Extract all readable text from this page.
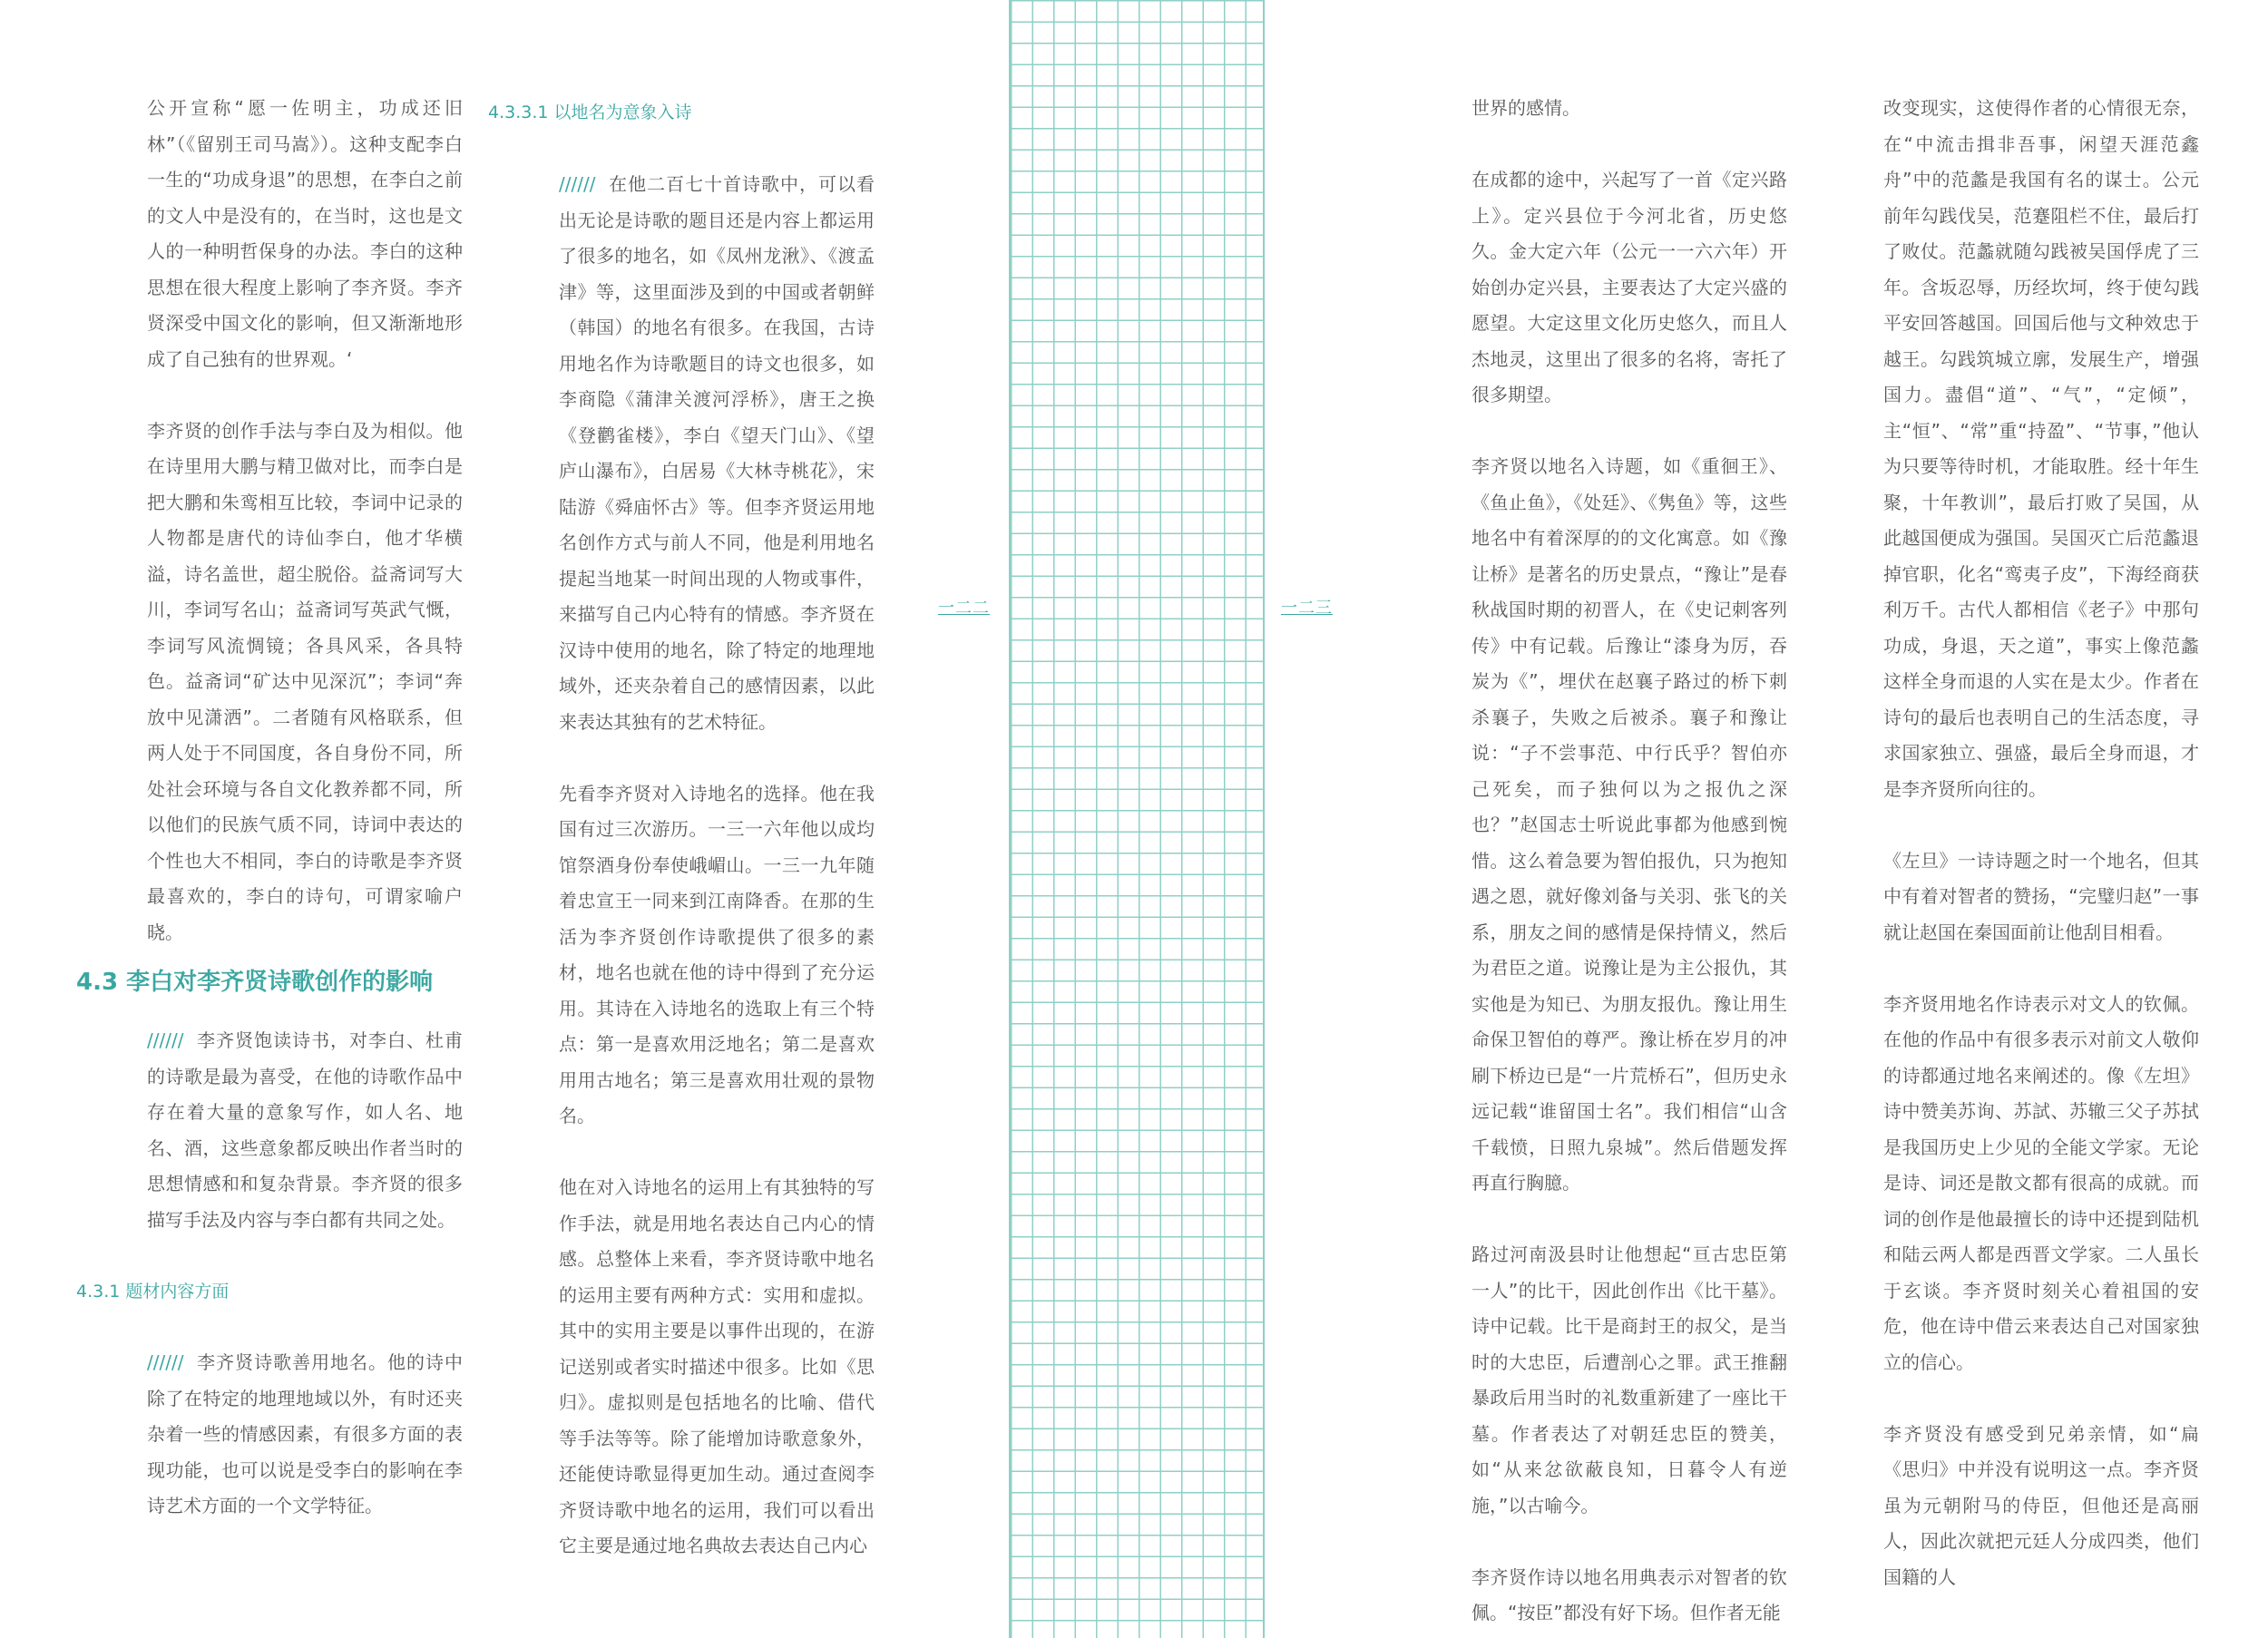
公开宣称“愿一佐明主，功成还旧林”（《留别王司马嵩》）。这种支配李白一生的“功成身退”的思想，在李白之前的文人中是没有的，在当时，这也是文人的一种明哲保身的办法。李白的这种思想在很大程度上影响了李齐贤。李齐贤深受中国文化的影响，但又渐渐地形成了自己独有的世界观。‘

李齐贤的创作手法与李白及为相似。他在诗里用大鹏与精卫做对比，而李白是把大鹏和朱鸾相互比较，李词中记录的人物都是唐代的诗仙李白，他才华横溢，诗名盖世，超尘脱俗。益斋词写大川，李词写名山；益斋词写英武气慨，李词写风流惆镜；各具风采，各具特色。益斋词“矿达中见深沉”；李词“奔放中见潇洒”。二者随有风格联系，但两人处于不同国度，各自身份不同，所处社会环境与各自文化教养都不同，所以他们的民族气质不同，诗词中表达的个性也大不相同，李白的诗歌是李齐贤最喜欢的，李白的诗句，可谓家喻户晓。

4.3 李白对李齐贤诗歌创作的影响

//////  李齐贤饱读诗书，对李白、杜甫的诗歌是最为喜受，在他的诗歌作品中存在着大量的意象写作，如人名、地名、酒，这些意象都反映出作者当时的思想情感和和复杂背景。李齐贤的很多描写手法及内容与李白都有共同之处。

4.3.1 题材内容方面

//////  李齐贤诗歌善用地名。他的诗中除了在特定的地理地域以外，有时还夹杂着一些的情感因素，有很多方面的表现功能，也可以说是受李白的影响在李诗艺术方面的一个文学特征。

4.3.3.1 以地名为意象入诗

//////  在他二百七十首诗歌中，可以看出无论是诗歌的题目还是内容上都运用了很多的地名，如《凤州龙湫》、《渡孟津》等，这里面涉及到的中国或者朝鲜（韩国）的地名有很多。在我国，古诗用地名作为诗歌题目的诗文也很多，如李商隐《蒲津关渡河浮桥》，唐王之换《登鹳雀楼》，李白《望天门山》、《望庐山瀑布》，白居易《大林寺桃花》，宋陆游《舜庙怀古》等。但李齐贤运用地名创作方式与前人不同，他是利用地名提起当地某一时间出现的人物或事件，来描写自己内心特有的情感。李齐贤在汉诗中使用的地名，除了特定的地理地域外，还夹杂着自己的感情因素，以此来表达其独有的艺术特征。

先看李齐贤对入诗地名的选择。他在我国有过三次游历。一三一六年他以成均馆祭酒身份奉使峨嵋山。一三一九年随着忠宣王一同来到江南降香。在那的生活为李齐贤创作诗歌提供了很多的素材，地名也就在他的诗中得到了充分运用。其诗在入诗地名的选取上有三个特点：第一是喜欢用泛地名；第二是喜欢用用古地名；第三是喜欢用壮观的景物名。

他在对入诗地名的运用上有其独特的写作手法，就是用地名表达自己内心的情感。总整体上来看，李齐贤诗歌中地名的运用主要有两种方式：实用和虚拟。其中的实用主要是以事件出现的，在游记送别或者实时描述中很多。比如《思归》。虚拟则是包括地名的比喻、借代等手法等等。除了能增加诗歌意象外，还能使诗歌显得更加生动。通过查阅李齐贤诗歌中地名的运用，我们可以看出它主要是通过地名典故去表达自己内心

一二二	一二三

世界的感情。

在成都的途中，兴起写了一首《定兴路上》。定兴县位于今河北省，历史悠久。金大定六年（公元一一六六年）开始创办定兴县，主要表达了大定兴盛的愿望。大定这里文化历史悠久，而且人杰地灵，这里出了很多的名将，寄托了很多期望。

李齐贤以地名入诗题，如《重徊王》、《鱼止鱼》，《处廷》、《隽鱼》等，这些地名中有着深厚的的文化寓意。如《豫让桥》是著名的历史景点，“豫让”是春秋战国时期的初晋人，在《史记刺客列传》中有记载。后豫让“漆身为厉，吞炭为《”，埋伏在赵襄子路过的桥下刺杀襄子，失败之后被杀。襄子和豫让说：“子不尝事范、中行氏乎？智伯亦己死矣，而子独何以为之报仇之深也？”赵国志士听说此事都为他感到惋惜。这么着急要为智伯报仇，只为抱知遇之恩，就好像刘备与关羽、张飞的关系，朋友之间的感情是保持情义，然后为君臣之道。说豫让是为主公报仇，其实他是为知已、为朋友报仇。豫让用生命保卫智伯的尊严。豫让桥在岁月的冲刷下桥边已是“一片荒桥石”，但历史永远记载“谁留国士名”。我们相信“山含千载愤，日照九泉城”。然后借题发挥再直行胸臆。

路过河南汲县时让他想起“亘古忠臣第一人”的比干，因此创作出《比干墓》。诗中记载。比干是商封王的叔父，是当时的大忠臣，后遭剖心之罪。武王推翻暴政后用当时的礼数重新建了一座比干墓。作者表达了对朝廷忠臣的赞美，如“从来忿欲蔽良知，日暮令人有逆施，”以古喻今。

李齐贤作诗以地名用典表示对智者的钦佩。“按臣”都没有好下场。但作者无能

改变现实，这使得作者的心情很无奈，在“中流击揖非吾事，闲望天涯范鑫舟”中的范蠡是我国有名的谋士。公元前年勾践伐吴，范蹇阻栏不住，最后打了败仗。范蠡就随勾践被吴国俘虎了三年。含坂忍辱，历经坎坷，终于使勾践平安回答越国。回国后他与文种效忠于越王。勾践筑城立廓，发展生产，增强国力。盡倡“道”、“气”，“定倾”，主“恒”、“常”重“持盈”、“节事，”他认为只要等待时机，才能取胜。经十年生聚，十年教训”，最后打败了吴国，从此越国便成为强国。吴国灭亡后范蠡退掉官职，化名“鸾夷子皮”，下海经商获利万千。古代人都相信《老子》中那句功成，身退，天之道”，事实上像范蠡这样全身而退的人实在是太少。作者在诗句的最后也表明自己的生活态度，寻求国家独立、强盛，最后全身而退，才是李齐贤所向往的。

《左旦》一诗诗题之时一个地名，但其中有着对智者的赞扬，“完璧归赵”一事就让赵国在秦国面前让他刮目相看。

李齐贤用地名作诗表示对文人的钦佩。在他的作品中有很多表示对前文人敬仰的诗都通过地名来阐述的。像《左坦》诗中赞美苏询、苏試、苏辙三父子苏拭是我国历史上少见的全能文学家。无论是诗、词还是散文都有很高的成就。而词的创作是他最擅长的诗中还提到陆机和陆云两人都是西晋文学家。二人虽长于玄谈。李齐贤时刻关心着祖国的安危，他在诗中借云来表达自己对国家独立的信心。

李齐贤没有感受到兄弟亲情，如“扁《思归》中并没有说明这一点。李齐贤虽为元朝附马的侍臣，但他还是高丽人，因此次就把元廷人分成四类，他们国籍的人
